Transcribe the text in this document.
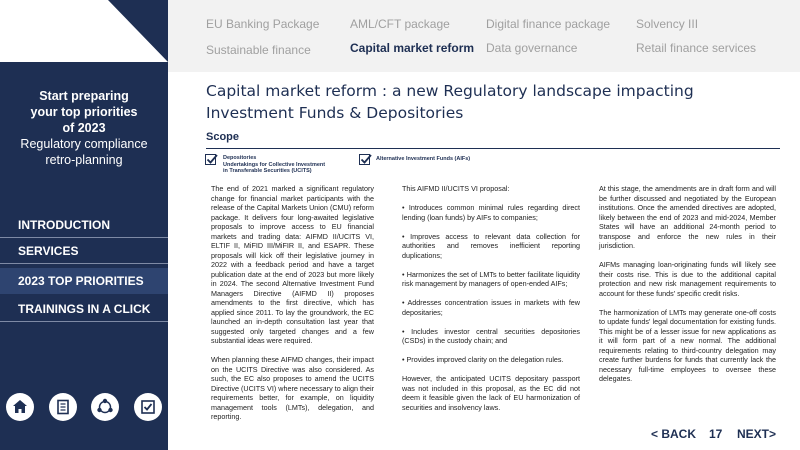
Start preparing
your top priorities
of 2023
Regulatory compliance
retro-planning
INTRODUCTION
SERVICES
2023 TOP PRIORITIES
TRAININGS IN A CLICK
EU Banking Package	AML/CFT package	Digital finance package Solvency III
Sustainable finance	Capital market reform Data governance	Retail finance services
Capital market reform : a new Regulatory landscape impacting
Investment Funds & Depositories
Scope
Depositories
Undertakings for Collective Investment
in Transferable Securities (UCITS)
Alternative Investment Funds (AIFs)

The end of 2021 marked a significant regulatory change for financial market participants with the release of the Capital Markets Union (CMU) reform package. It delivers four long-awaited legislative proposals to improve access to EU financial markets and trading data: AIFMD II/UCITS VI, ELTIF II, MiFID III/MiFIR II, and ESAPR. These proposals will kick off their legislative journey in 2022 with a feedback period and have a target publication date at the end of 2023 but more likely in 2024. The second Alternative Investment Fund Managers Directive (AIFMD II) proposes amendments to the first directive, which has applied since 2011. To lay the groundwork, the EC launched an in-depth consultation last year that suggested only targeted changes and a few substantial ideas were required.

When planning these AIFMD changes, their impact on the UCITS Directive was also considered. As such, the EC also proposes to amend the UCITS Directive (UCITS VI) where necessary to align their requirements better, for example, on liquidity management tools (LMTs), delegation, and reporting.

This AIFMD II/UCITS VI proposal:

• Introduces common minimal rules regarding direct lending (loan funds) by AIFs to companies;

• Improves access to relevant data collection for authorities and removes inefficient reporting duplications;

• Harmonizes the set of LMTs to better facilitate liquidity risk management by managers of open-ended AIFs;

• Addresses concentration issues in markets with few depositaries;

• Includes investor central securities depositories (CSDs) in the custody chain; and

• Provides improved clarity on the delegation rules.

However, the anticipated UCITS depositary passport was not included in this proposal, as the EC did not deem it feasible given the lack of EU harmonization of securities and insolvency laws.

At this stage, the amendments are in draft form and will be further discussed and negotiated by the European institutions. Once the amended directives are adopted, likely between the end of 2023 and mid-2024, Member States will have an additional 24-month period to transpose and enforce the new rules in their jurisdiction.

AIFMs managing loan-originating funds will likely see their costs rise. This is due to the additional capital protection and new risk management requirements to account for these funds' specific credit risks.

The harmonization of LMTs may generate one-off costs to update funds' legal documentation for existing funds. This might be of a lesser issue for new applications as it will form part of a new normal. The additional requirements relating to third-country delegation may create further burdens for funds that currently lack the necessary full-time employees to oversee these delegates.

< BACK 17 NEXT>
